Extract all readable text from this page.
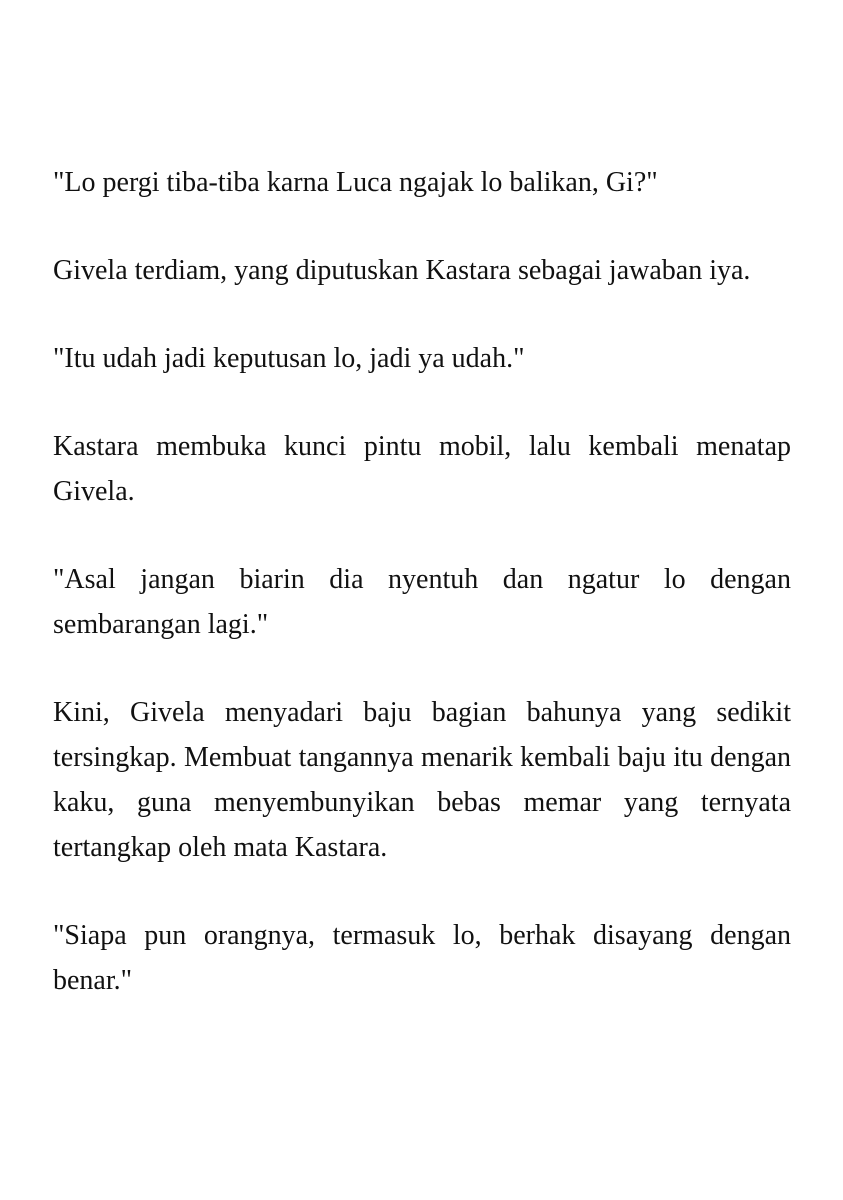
"Lo pergi tiba-tiba karna Luca ngajak lo balikan, Gi?"

Givela terdiam, yang diputuskan Kastara sebagai jawaban iya.

"Itu udah jadi keputusan lo, jadi ya udah."

Kastara membuka kunci pintu mobil, lalu kembali menatap Givela.

"Asal jangan biarin dia nyentuh dan ngatur lo dengan sembarangan lagi."

Kini, Givela menyadari baju bagian bahunya yang sedikit tersingkap. Membuat tangannya menarik kembali baju itu dengan kaku, guna menyembunyikan bebas memar yang ternyata tertangkap oleh mata Kastara.

"Siapa pun orangnya, termasuk lo, berhak disayang dengan benar."
